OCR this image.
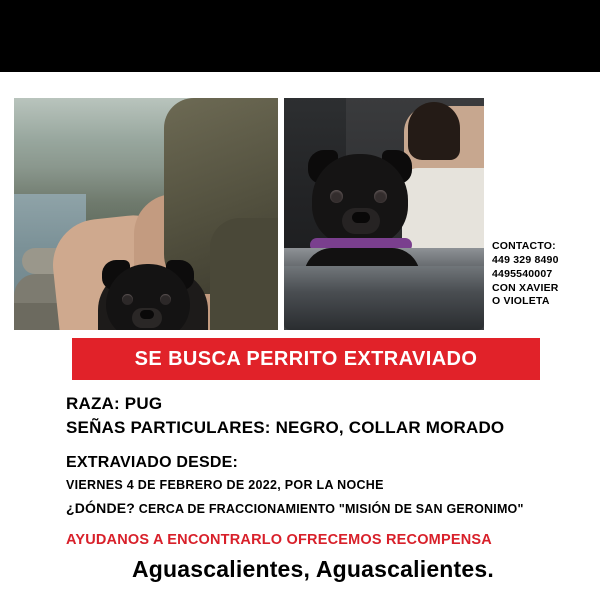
CONTACTO:
449 329 8490
4495540007
CON XAVIER
O VIOLETA
SE BUSCA PERRITO EXTRAVIADO
RAZA: PUG
SEÑAS PARTICULARES: NEGRO, COLLAR MORADO
EXTRAVIADO DESDE:
VIERNES 4 DE FEBRERO DE 2022, POR LA NOCHE
¿DÓNDE? CERCA DE FRACCIONAMIENTO "MISIÓN DE SAN GERONIMO"
AYUDANOS A ENCONTRARLO OFRECEMOS RECOMPENSA
Aguascalientes, Aguascalientes.
